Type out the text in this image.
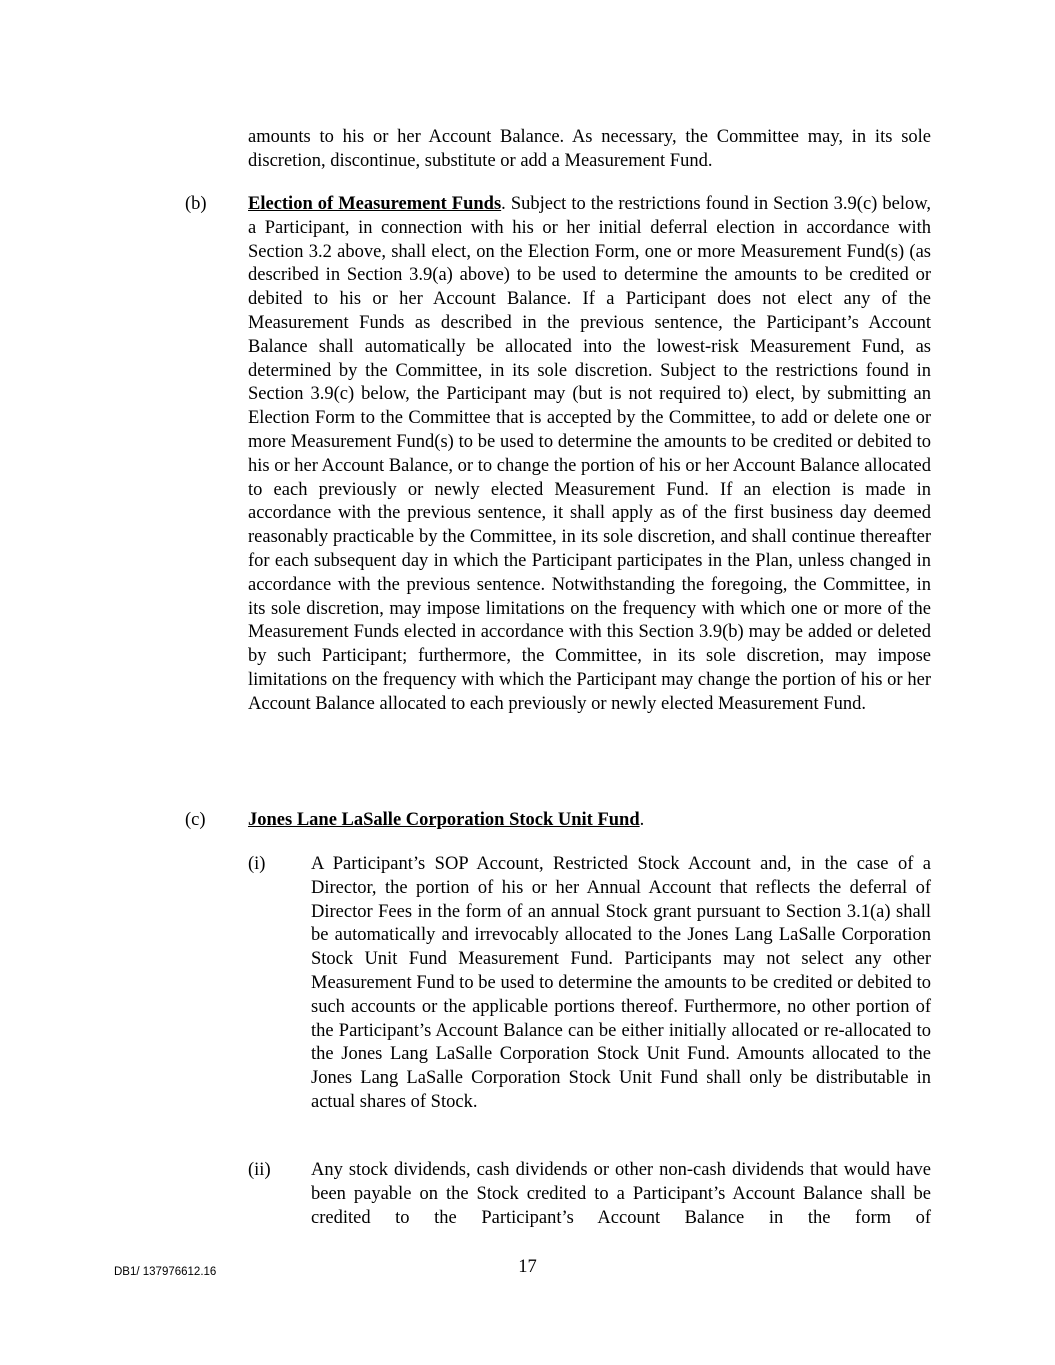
amounts to his or her Account Balance. As necessary, the Committee may, in its sole discretion, discontinue, substitute or add a Measurement Fund.

(b) Election of Measurement Funds. Subject to the restrictions found in Section 3.9(c) below, a Participant, in connection with his or her initial deferral election in accordance with Section 3.2 above, shall elect, on the Election Form, one or more Measurement Fund(s) (as described in Section 3.9(a) above) to be used to determine the amounts to be credited or debited to his or her Account Balance. If a Participant does not elect any of the Measurement Funds as described in the previous sentence, the Participant’s Account Balance shall automatically be allocated into the lowest-risk Measurement Fund, as determined by the Committee, in its sole discretion. Subject to the restrictions found in Section 3.9(c) below, the Participant may (but is not required to) elect, by submitting an Election Form to the Committee that is accepted by the Committee, to add or delete one or more Measurement Fund(s) to be used to determine the amounts to be credited or debited to his or her Account Balance, or to change the portion of his or her Account Balance allocated to each previously or newly elected Measurement Fund. If an election is made in accordance with the previous sentence, it shall apply as of the first business day deemed reasonably practicable by the Committee, in its sole discretion, and shall continue thereafter for each subsequent day in which the Participant participates in the Plan, unless changed in accordance with the previous sentence. Notwithstanding the foregoing, the Committee, in its sole discretion, may impose limitations on the frequency with which one or more of the Measurement Funds elected in accordance with this Section 3.9(b) may be added or deleted by such Participant; furthermore, the Committee, in its sole discretion, may impose limitations on the frequency with which the Participant may change the portion of his or her Account Balance allocated to each previously or newly elected Measurement Fund.

(c) Jones Lane LaSalle Corporation Stock Unit Fund.

(i) A Participant’s SOP Account, Restricted Stock Account and, in the case of a Director, the portion of his or her Annual Account that reflects the deferral of Director Fees in the form of an annual Stock grant pursuant to Section 3.1(a) shall be automatically and irrevocably allocated to the Jones Lang LaSalle Corporation Stock Unit Fund Measurement Fund. Participants may not select any other Measurement Fund to be used to determine the amounts to be credited or debited to such accounts or the applicable portions thereof. Furthermore, no other portion of the Participant’s Account Balance can be either initially allocated or re-allocated to the Jones Lang LaSalle Corporation Stock Unit Fund. Amounts allocated to the Jones Lang LaSalle Corporation Stock Unit Fund shall only be distributable in actual shares of Stock.

(ii) Any stock dividends, cash dividends or other non-cash dividends that would have been payable on the Stock credited to a Participant’s Account Balance shall be credited to the Participant’s Account Balance in the form of

DB1/ 137976612.16	17
